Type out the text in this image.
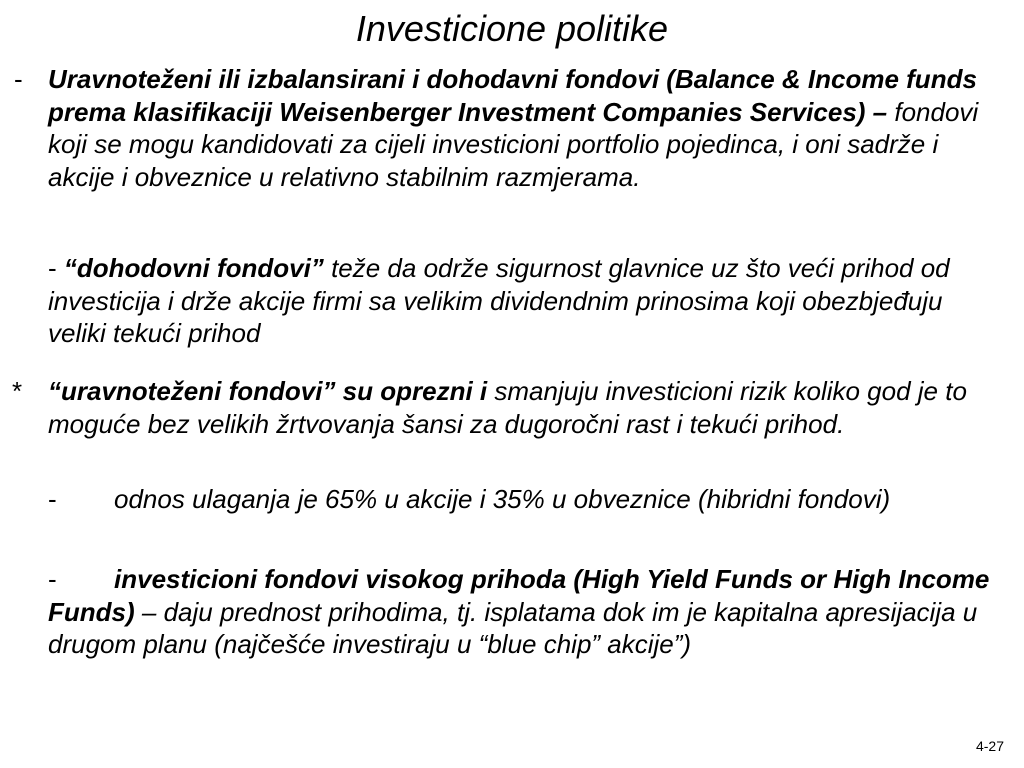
Investicione politike
- Uravnoteženi ili izbalansirani i dohodavni fondovi (Balance & Income funds prema klasifikaciji Weisenberger Investment Companies Services) – fondovi koji se mogu kandidovati za cijeli investicioni portfolio pojedinca, i oni sadrže i akcije i obveznice u relativno stabilnim razmjerama.

- “dohodovni fondovi” teže da održe sigurnost glavnice uz što veći prihod od investicija i drže akcije firmi sa velikim dividendnim prinosima koji obezbjeđuju veliki tekući prihod

* “uravnoteženi fondovi” su oprezni i smanjuju investicioni rizik koliko god je to moguće bez velikih žrtvovanja šansi za dugoročni rast i tekući prihod.

- odnos ulaganja je 65% u akcije i 35% u obveznice (hibridni fondovi)

- investicioni fondovi visokog prihoda (High Yield Funds or High Income Funds) – daju prednost prihodima, tj. isplatama dok im je kapitalna apresijacija u drugom planu (najčešće investiraju u “blue chip” akcije”)

4-27
